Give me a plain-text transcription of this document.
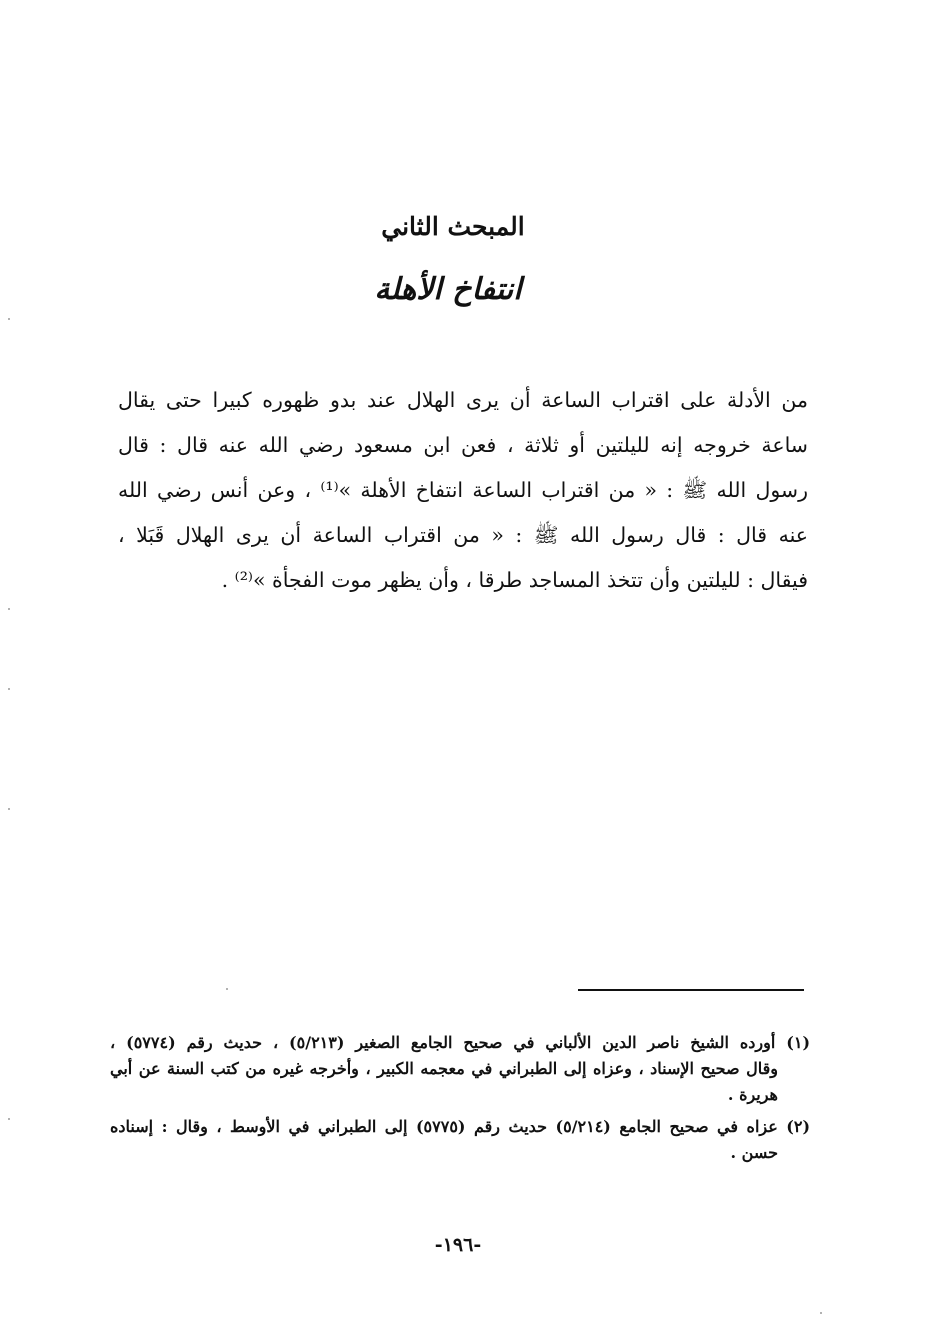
المبحث الثاني
انتفاخ الأهلة
من الأدلة على اقتراب الساعة أن يرى الهلال عند بدو ظهوره كبيرا حتى يقال
ساعة خروجه إنه لليلتين أو ثلاثة ، فعن ابن مسعود رضي الله عنه قال : قال
رسول الله ﷺ : « من اقتراب الساعة انتفاخ الأهلة »⁽¹⁾ ، وعن أنس رضي الله
عنه قال : قال رسول الله ﷺ : « من اقتراب الساعة أن يرى الهلال قَبَلا ،
فيقال : لليلتين وأن تتخذ المساجد طرقا ، وأن يظهر موت الفجأة »⁽²⁾ .
(١) أورده الشيخ ناصر الدين الألباني في صحيح الجامع الصغير (٥/٢١٣) ، حديث رقم (٥٧٧٤) ،
وقال صحيح الإسناد ، وعزاه إلى الطبراني في معجمه الكبير ، وأخرجه غيره من كتب السنة عن أبي
هريرة .
(٢) عزاه في صحيح الجامع (٥/٢١٤) حديث رقم (٥٧٧٥) إلى الطبراني في الأوسط ، وقال : إسناده
حسن .
-١٩٦-
